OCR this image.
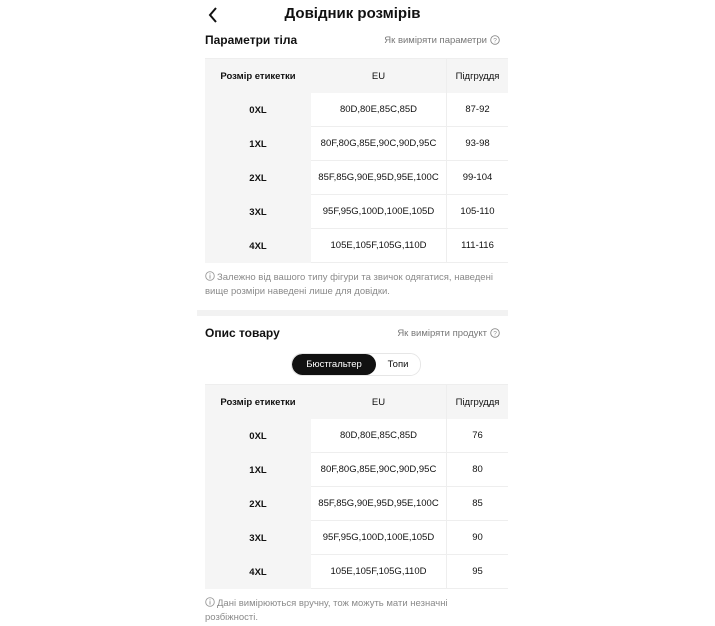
Довідник розмірів
Параметри тіла	Як виміряти параметри ?
Розмір етикетки	EU	Підгруддя
0XL	80D,80E,85C,85D	87-92
1XL	80F,80G,85E,90C,90D,95C	93-98
2XL	85F,85G,90E,95D,95E,100C	99-104
3XL	95F,95G,100D,100E,105D	105-110
4XL	105E,105F,105G,110D	111-116
Залежно від вашого типу фігури та звичок одягатися, наведені вище розміри наведені лише для довідки.
Опис товару	Як виміряти продукт ?
Бюстгальтер	Топи
Розмір етикетки	EU	Підгруддя
0XL	80D,80E,85C,85D	76
1XL	80F,80G,85E,90C,90D,95C	80
2XL	85F,85G,90E,95D,95E,100C	85
3XL	95F,95G,100D,100E,105D	90
4XL	105E,105F,105G,110D	95
Дані вимірюються вручну, тож можуть мати незначні розбіжності.
